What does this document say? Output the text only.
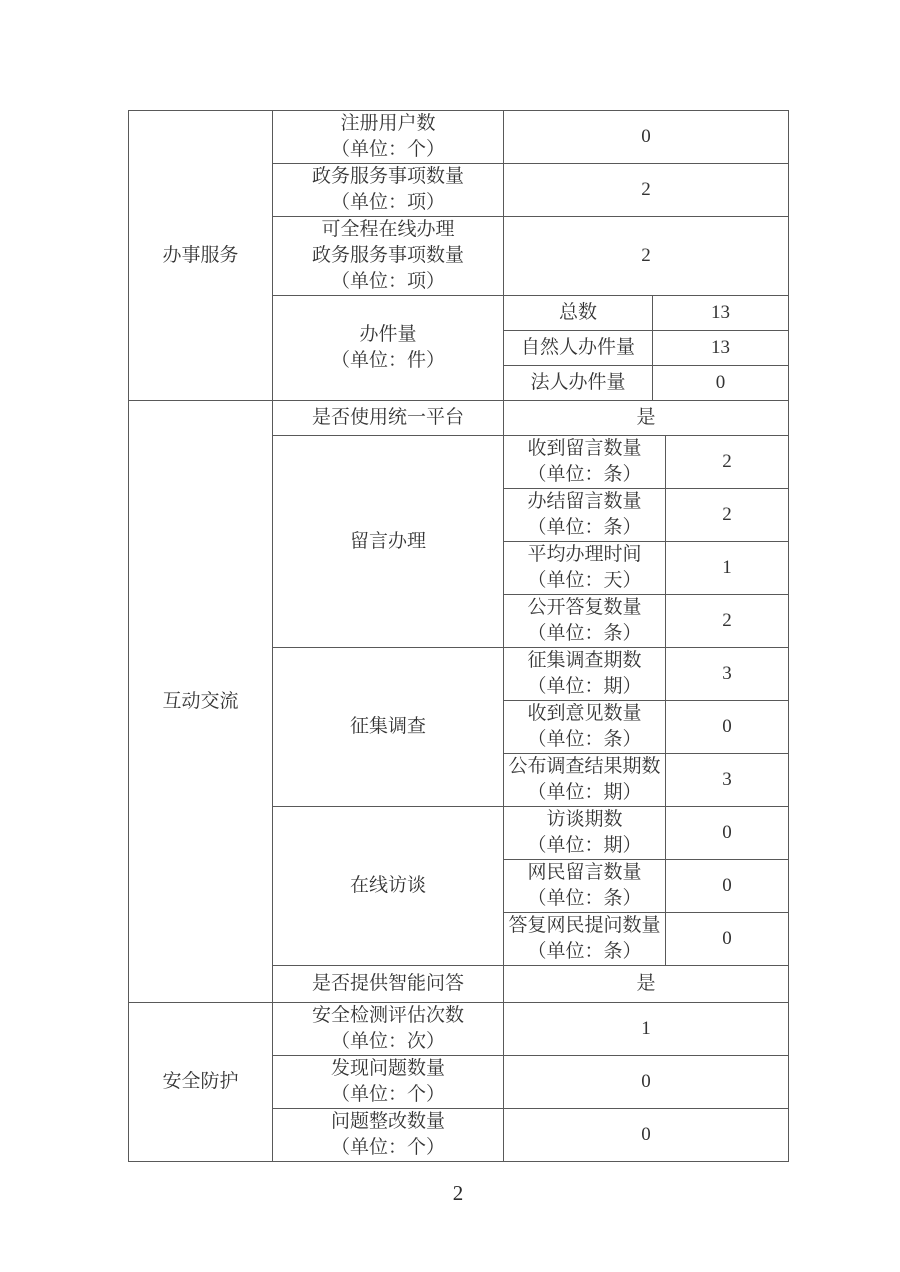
办事服务	注册用户数
（单位：个）	0		

	政务服务事项数量
（单位：项）	2		

	可全程在线办理
政务服务事项数量
（单位：项）	2		

	办件量
（单位：件）	总数	13	
		自然人办件量	13	
		法人办件量	0	

互动交流	是否使用统一平台	是		
	留言办理	收到留言数量
（单位：条）		2

		办结留言数量
（单位：条）		2

		平均办理时间
（单位：天）		1

		公开答复数量
（单位：条）		2
	征集调查	征集调查期数
（单位：期）		3

		收到意见数量
（单位：条）		0

		公布调查结果期数
（单位：期）		3
	在线访谈	访谈期数
（单位：期）		0

		网民留言数量
（单位：条）		0

		答复网民提问数量
（单位：条）		0
	是否提供智能问答	是		

安全防护	安全检测评估次数
（单位：次）	1		

	发现问题数量
（单位：个）	0		

	问题整改数量
（单位：个）	0		
2
